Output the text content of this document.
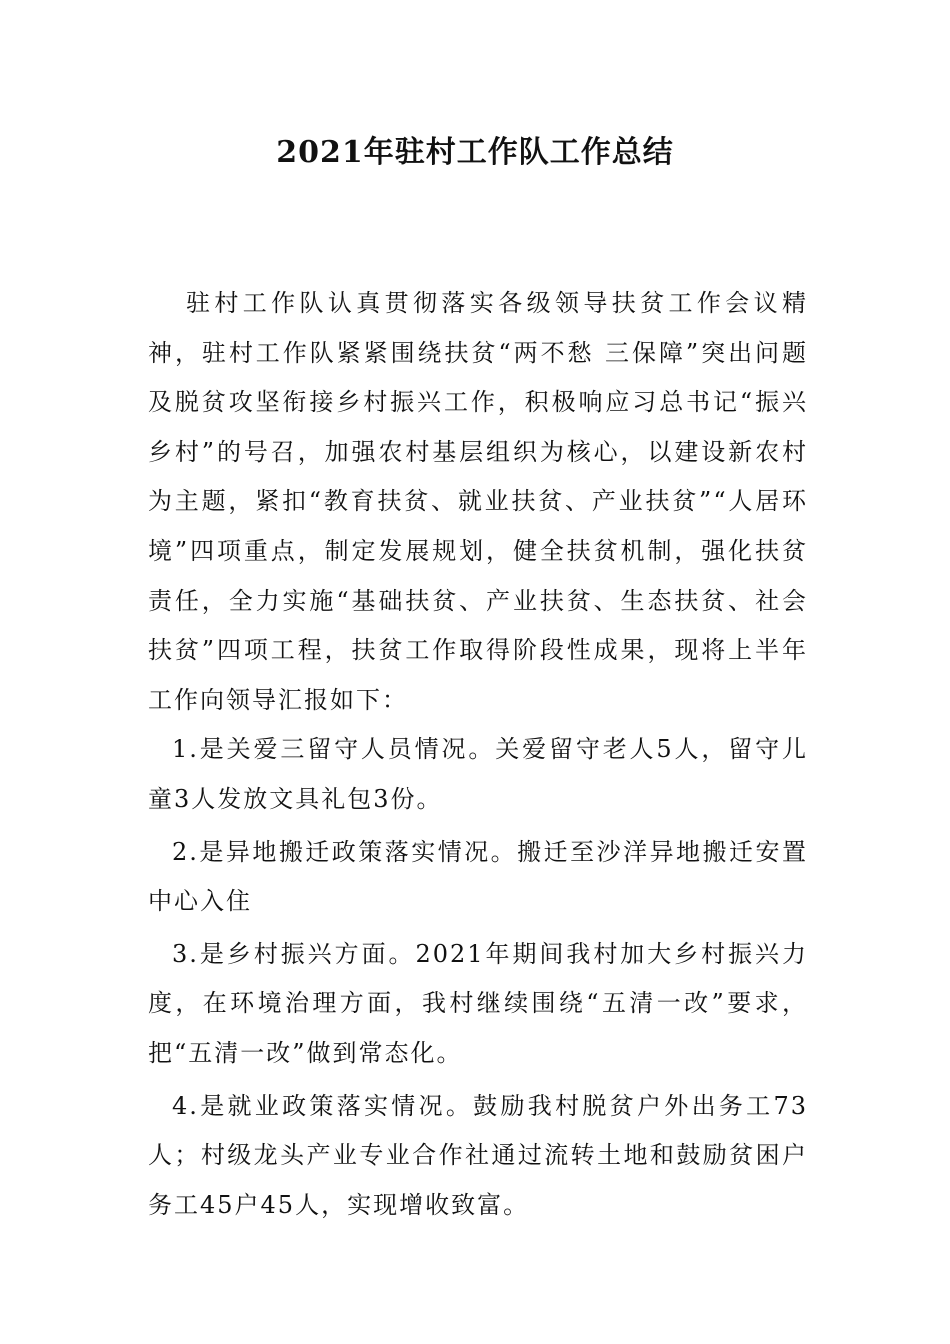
2021年驻村工作队工作总结

驻村工作队认真贯彻落实各级领导扶贫工作会议精神，驻村工作队紧紧围绕扶贫“两不愁 三保障”突出问题及脱贫攻坚衔接乡村振兴工作，积极响应习总书记“振兴乡村”的号召，加强农村基层组织为核心，以建设新农村为主题，紧扣“教育扶贫、就业扶贫、产业扶贫”“人居环境”四项重点，制定发展规划，健全扶贫机制，强化扶贫责任，全力实施“基础扶贫、产业扶贫、生态扶贫、社会扶贫”四项工程，扶贫工作取得阶段性成果，现将上半年工作向领导汇报如下：

1.是关爱三留守人员情况。关爱留守老人5人，留守儿童3人发放文具礼包3份。

2.是异地搬迁政策落实情况。搬迁至沙洋异地搬迁安置中心入住

3.是乡村振兴方面。2021年期间我村加大乡村振兴力度，在环境治理方面，我村继续围绕“五清一改”要求，把“五清一改”做到常态化。

4.是就业政策落实情况。鼓励我村脱贫户外出务工73人；村级龙头产业专业合作社通过流转土地和鼓励贫困户务工45户45人，实现增收致富。
